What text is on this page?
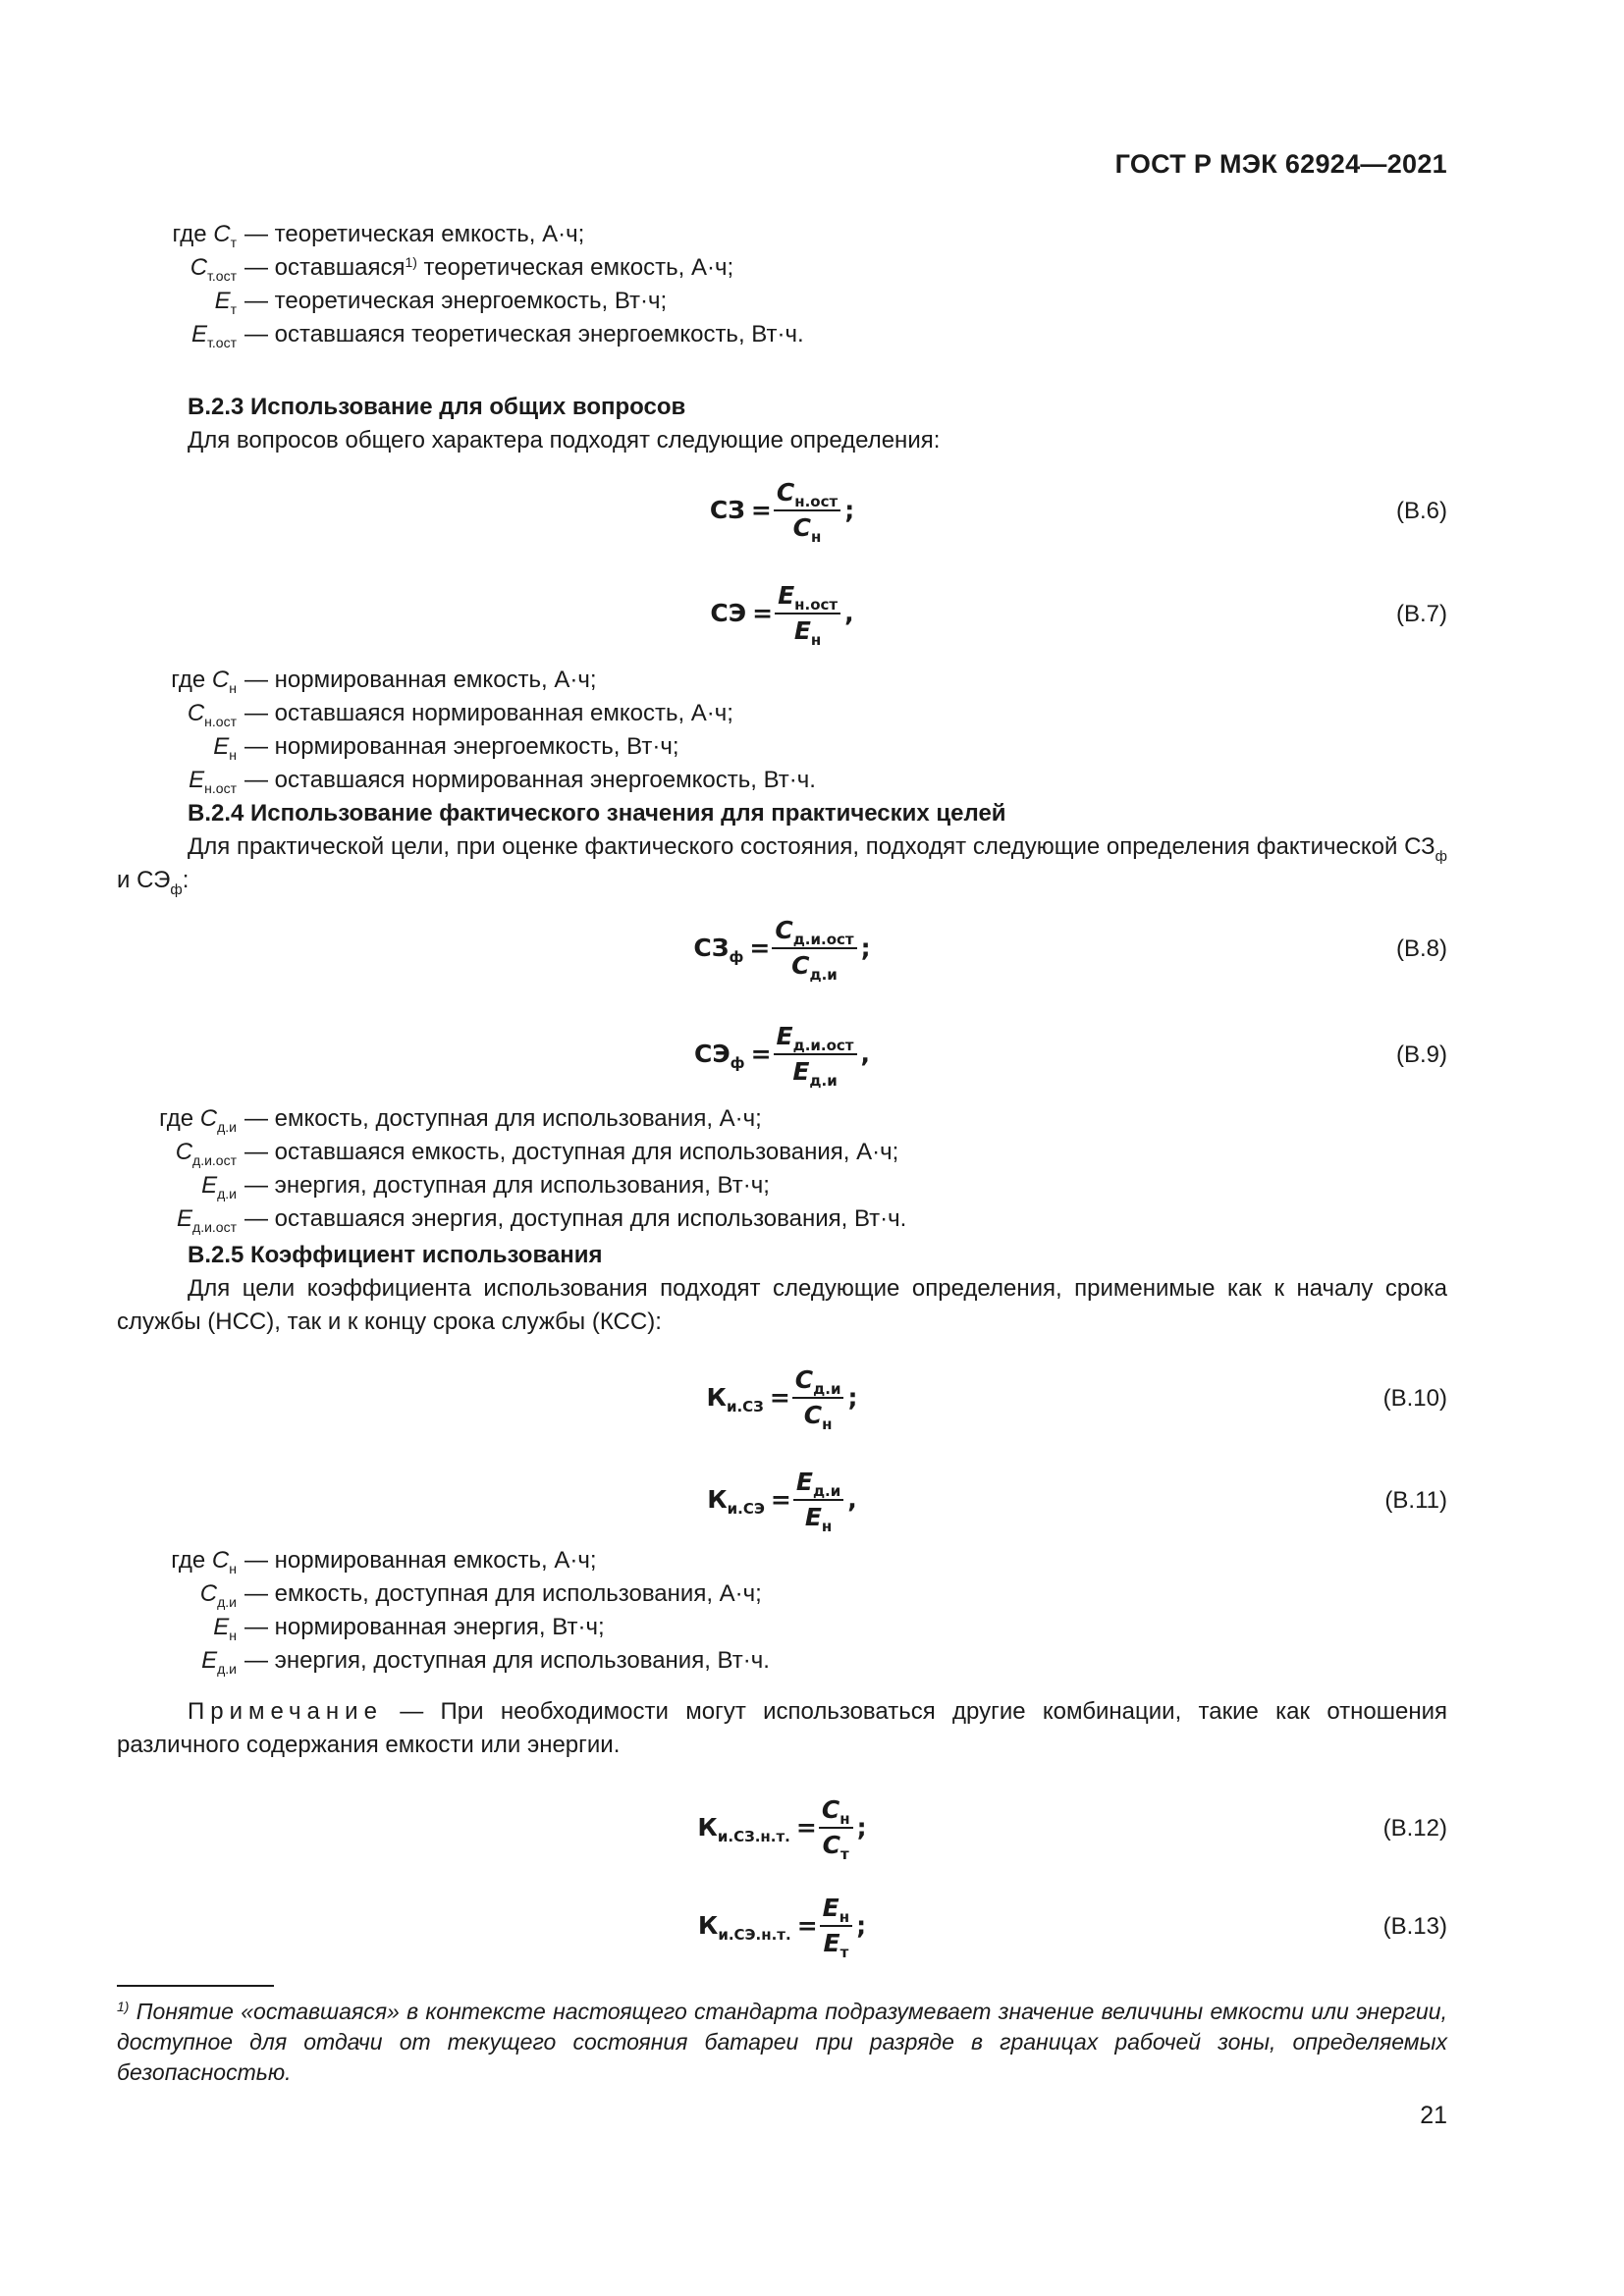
ГОСТ Р МЭК 62924—2021
где $С_т$ — теоретическая емкость, А·ч;
$С_{т.ост}$ — оставшаяся$^{1)}$ теоретическая емкость, А·ч;
$Е_т$ — теоретическая энергоемкость, Вт·ч;
$Е_{т.ост}$ — оставшаяся теоретическая энергоемкость, Вт·ч.
В.2.3 Использование для общих вопросов
Для вопросов общего характера подходят следующие определения:
СЗ = $\frac{С_{н.ост}}{С_н}$ ;	(В.6)
СЭ = $\frac{Е_{н.ост}}{Е_н}$ ,	(В.7)
где $С_н$ — нормированная емкость, А·ч;
$С_{н.ост}$ — оставшаяся нормированная емкость, А·ч;
$Е_н$ — нормированная энергоемкость, Вт·ч;
$Е_{н.ост}$ — оставшаяся нормированная энергоемкость, Вт·ч.
В.2.4 Использование фактического значения для практических целей
Для практической цели, при оценке фактического состояния, подходят следующие определения фактической $СЗ_ф$ и $СЭ_ф$:
$СЗ_ф = \frac{С_{д.и.ост}}{С_{д.и}}$ ;	(В.8)
$СЭ_ф = \frac{Е_{д.и.ост}}{Е_{д.и}}$ ,	(В.9)
где $С_{д.и}$ — емкость, доступная для использования, А·ч;
$С_{д.и.ост}$ — оставшаяся емкость, доступная для использования, А·ч;
$Е_{д.и}$ — энергия, доступная для использования, Вт·ч;
$Е_{д.и.ост}$ — оставшаяся энергия, доступная для использования, Вт·ч.
В.2.5 Коэффициент использования
Для цели коэффициента использования подходят следующие определения, применимые как к началу срока службы (НСС), так и к концу срока службы (КСС):
$К_{и.СЗ} = \frac{С_{д.и}}{С_н}$ ;	(В.10)
$К_{и.СЭ} = \frac{Е_{д.и}}{Е_н}$ ,	(В.11)
где $С_н$ — нормированная емкость, А·ч;
$С_{д.и}$ — емкость, доступная для использования, А·ч;
$Е_н$ — нормированная энергия, Вт·ч;
$Е_{д.и}$ — энергия, доступная для использования, Вт·ч.
Примечание — При необходимости могут использоваться другие комбинации, такие как отношения различного содержания емкости или энергии.
$К_{и.СЗ.н.т.} = \frac{С_н}{С_т}$ ;	(В.12)
$К_{и.СЭ.н.т.} = \frac{Е_н}{Е_т}$ ;	(В.13)
$^{1)}$ Понятие «оставшаяся» в контексте настоящего стандарта подразумевает значение величины емкости или энергии, доступное для отдачи от текущего состояния батареи при разряде в границах рабочей зоны, определяемых безопасностью.
21
